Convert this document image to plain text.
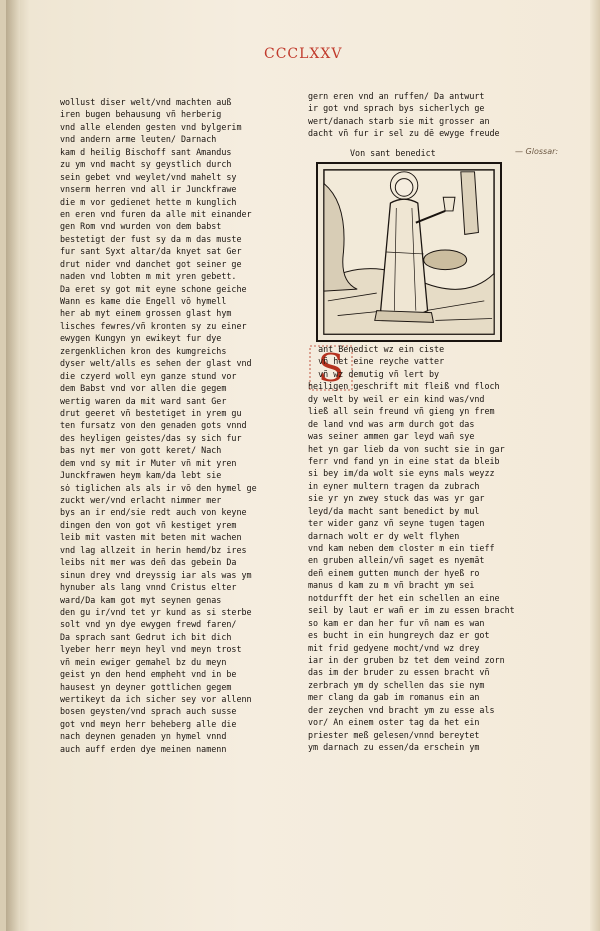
CCCLXXV
wollust diser welt/vnd machten auß
iren bugen behausung vñ herberig
vnd alle elenden gesten vnd bylgerim
vnd andern arme leuten/ Darnach
kam d heilig Bischoff sant Amandus
zu ym vnd macht sy geystlich durch
sein gebet vnd weylet/vnd mahelt sy
vnserm herren vnd all ir Junckfrawe
die m vor gedienet hette m kunglich
en eren vnd furen da alle mit einander
gen Rom vnd wurden von dem babst
bestetigt der fust sy da m das muste
fur sant Syxt altar/da knyet sat Ger
drut nider vnd danchet got seiner ge
naden vnd lobten m mit yren gebett.
Da eret sy got mit eyne schone geiche
Wann es kame die Engell vō hymell
her ab myt einem grossen glast hym
lisches fewres/vñ kronten sy zu einer
ewygen Kungyn yn ewikeyt fur dye
zergenklichen kron des kumgreichs
dyser welt/alls es sehen der glast vnd
die czyerd woll eyn ganze stund vor
dem Babst vnd vor allen die gegem
wertig waren da mit ward sant Ger
drut geeret vñ bestetiget in yrem gu
ten fursatz von den genaden gots vnnd
des heyligen geistes/das sy sich fur
bas nyt mer von gott keret/ Nach
dem vnd sy mit ir Muter vñ mit yren
Junckfrawen heym kam/da lebt sie
sȯ tiglichen als als ir vō den hymel ge
zuckt wer/vnd erlacht nimmer mer
bys an ir end/sie redt auch von keyne
dingen den von got vñ kestiget yrem
leib mit vasten mit beten mit wachen
vnd lag allzeit in herin hemd/bz ires
leibs nit mer was deñ das gebein Da
sinun drey vnd dreyssig iar als was ym
hynuber als lang vnnd Cristus elter
ward/Da kam got myt seynen genas
den gu ir/vnd tet yr kund as si sterbe
solt vnd yn dye ewygen frewd faren/
Da sprach sant Gedrut ich bit dich
lyeber herr meyn heyl vnd meyn trost
vñ mein ewiger gemahel bz du meyn
geist yn den hend empheht vnd in be
hausest yn deyner gottlichen gegem
wertikeyt da ich sicher sey vor allenn
bosen geysten/vnd sprach auch susse
got vnd meyn herr beheberg alle die
nach deynen genaden yn hymel vnnd
auch auff erden dye meinen namenn
gern eren vnd an ruffen/ Da antwurt
ir got vnd sprach bys sicherlych ge
wert/danach starb sie mit grosser an
dacht vñ fur ir sel zu dē ewyge freude
Von sant benedict	— Glossar:
S
ant Benedict wz ein ciste
vñ het eine reyche vatter
vñ wz demutig vñ lert by
heiligen geschrift mit fleiß vnd floch
dy welt by weil er ein kind was/vnd
ließ all sein freund vñ gieng yn frem
de land vnd was arm durch got das
was seiner ammen gar leyd wañ sye
het yn gar lieb da von sucht sie in gar
ferr vnd fand yn in eine stat da bleib
si bey im/da wolt sie eyns mals weyzz
in eyner multern tragen da zubrach
sie yr yn zwey stuck das was yr gar
leyd/da macht sant benedict by mul
ter wider ganz vñ seyne tugen tagen
darnach wolt er dy welt flyhen
vnd kam neben dem closter m ein tieff
en gruben allein/vñ saget es nyemāt
deñ einem gutten munch der hyeß ro
manus d kam zu m vñ bracht ym sei
notdurfft der het ein schellen an eine
seil by laut er wañ er im zu essen bracht
so kam er dan her fur vñ nam es wan
es bucht in ein hungreych daz er got
mit frid gedyene mocht/vnd wz drey
iar in der gruben bz tet dem veind zorn
das im der bruder zu essen bracht vñ
zerbrach ym dy schellen das sie nym
mer clang da gab im romanus ein an
der zeychen vnd bracht ym zu esse als
vor/ An einem oster tag da het ein
priester meß gelesen/vnnd bereytet
ym darnach zu essen/da erschein ym
